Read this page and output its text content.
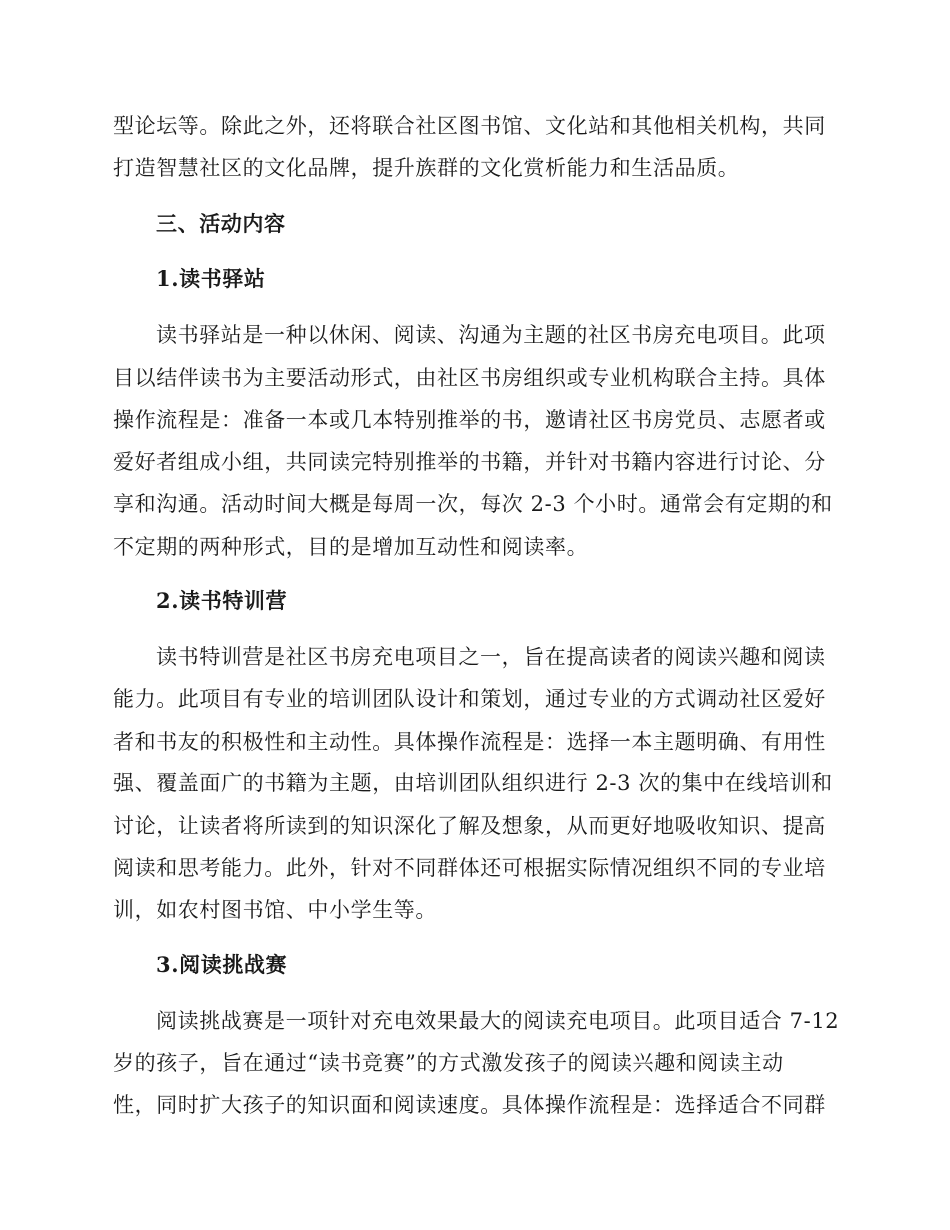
型论坛等。除此之外，还将联合社区图书馆、文化站和其他相关机构，共同
打造智慧社区的文化品牌，提升族群的文化赏析能力和生活品质。
三、活动内容
1.读书驿站
读书驿站是一种以休闲、阅读、沟通为主题的社区书房充电项目。此项
目以结伴读书为主要活动形式，由社区书房组织或专业机构联合主持。具体
操作流程是：准备一本或几本特别推举的书，邀请社区书房党员、志愿者或
爱好者组成小组，共同读完特别推举的书籍，并针对书籍内容进行讨论、分
享和沟通。活动时间大概是每周一次，每次 2-3 个小时。通常会有定期的和
不定期的两种形式，目的是增加互动性和阅读率。
2.读书特训营
读书特训营是社区书房充电项目之一，旨在提高读者的阅读兴趣和阅读
能力。此项目有专业的培训团队设计和策划，通过专业的方式调动社区爱好
者和书友的积极性和主动性。具体操作流程是：选择一本主题明确、有用性
强、覆盖面广的书籍为主题，由培训团队组织进行 2-3 次的集中在线培训和
讨论，让读者将所读到的知识深化了解及想象，从而更好地吸收知识、提高
阅读和思考能力。此外，针对不同群体还可根据实际情况组织不同的专业培
训，如农村图书馆、中小学生等。
3.阅读挑战赛
阅读挑战赛是一项针对充电效果最大的阅读充电项目。此项目适合 7-12
岁的孩子，旨在通过“读书竞赛”的方式激发孩子的阅读兴趣和阅读主动
性，同时扩大孩子的知识面和阅读速度。具体操作流程是：选择适合不同群
